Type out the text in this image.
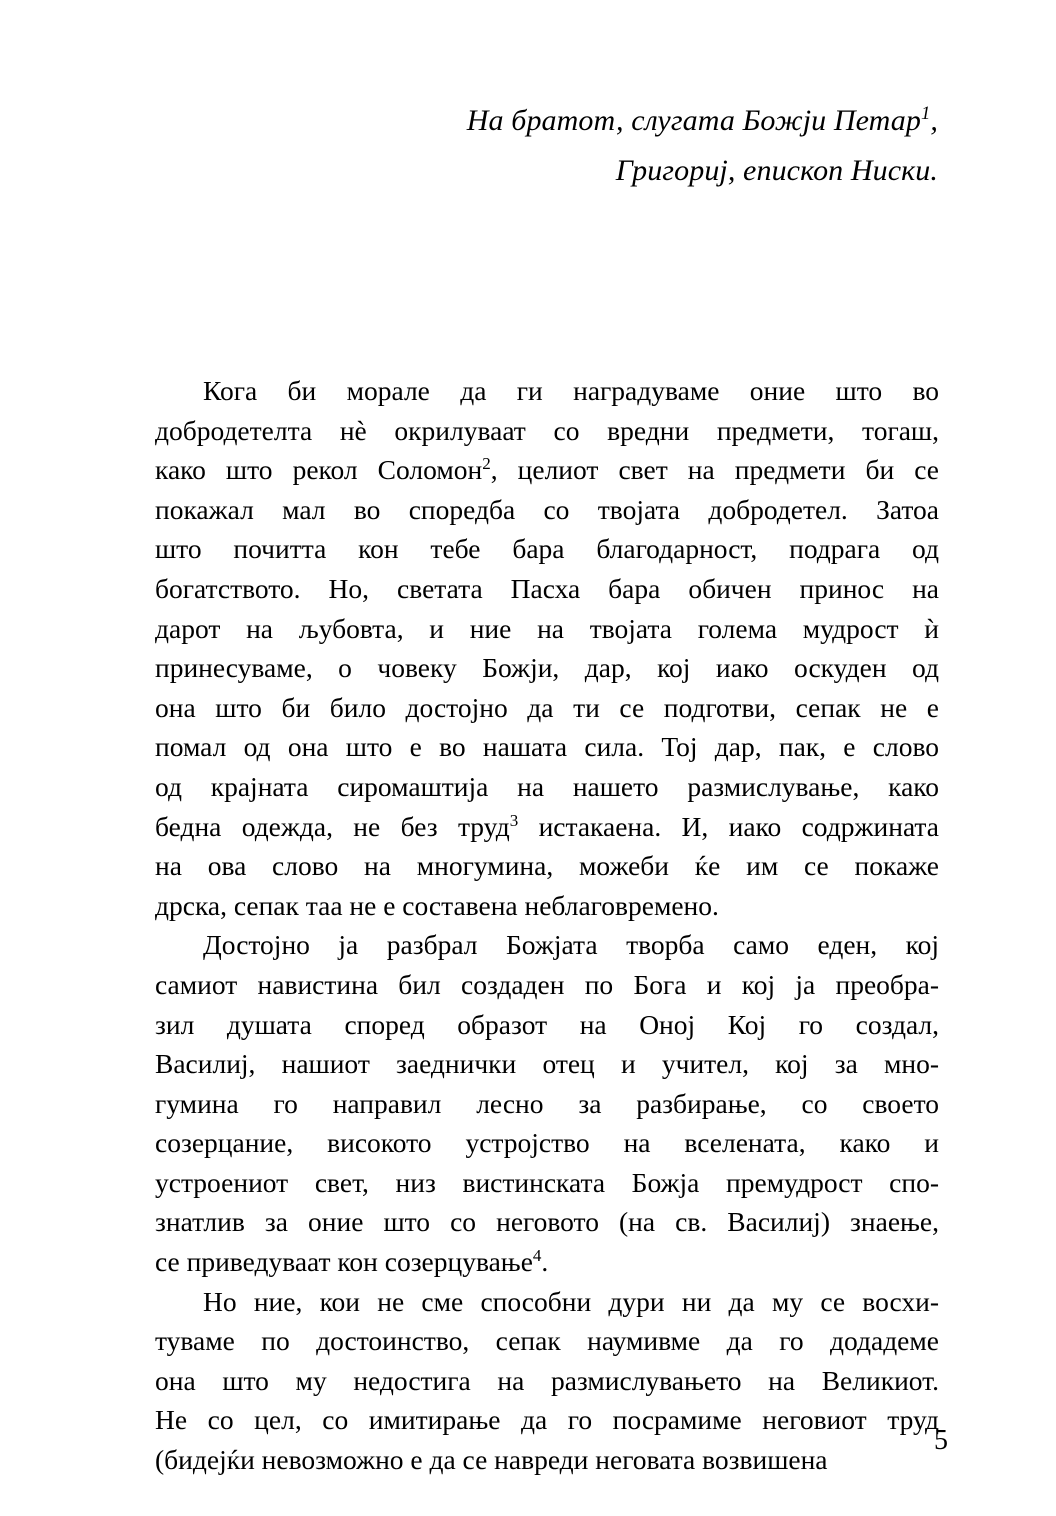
На братот, слугата Божји Петар$^1$,
Григориј, епископ Ниски.

Кога би морале да ги наградуваме оние што во
добродетелта нѐ окрилуваат со вредни предмети, тогаш,
како што рекол Соломон$^2$, целиот свет на предмети би се
покажал мал во споредба со твојата добродетел. Затоа
што почитта кон тебе бара благодарност, подрага од
богатството. Но, светата Пасха бара обичен принос на
дарот на љубовта, и ние на твојата голема мудрост ѝ
принесуваме, о човеку Божји, дар, кој иако оскуден од
она што би било достојно да ти се подготви, сепак не е
помал од она што е во нашата сила. Тој дар, пак, е слово
од крајната сиромаштија на нашето размислување, како
бедна одежда, не без труд$^3$ истакаена. И, иако содржината
на ова слово на многумина, можеби ќе им се покаже
дрска, сепак таа не е составена неблаговремено.

Достојно ја разбрал Божјата творба само еден, кој
самиот навистина бил создаден по Бога и кој ја преобра-
зил душата според образот на Оној Кој го создал,
Василиј, нашиот заеднички отец и учител, кој за мно-
гумина го направил лесно за разбирање, со своето
созерцание, високото устројство на вселената, како и
устроениот свет, низ вистинската Божја премудрост спо-
знатлив за оние што со неговото (на св. Василиј) знаење,
се приведуваат кон созерцување$^4$.

Но ние, кои не сме способни дури ни да му се восхи-
туваме по достоинство, сепак наумивме да го додадеме
она што му недостига на размислувањето на Великиот.
Не со цел, со имитирање да го посрамиме неговиот труд
(бидејќи невозможно е да се навреди неговата возвишена

5
